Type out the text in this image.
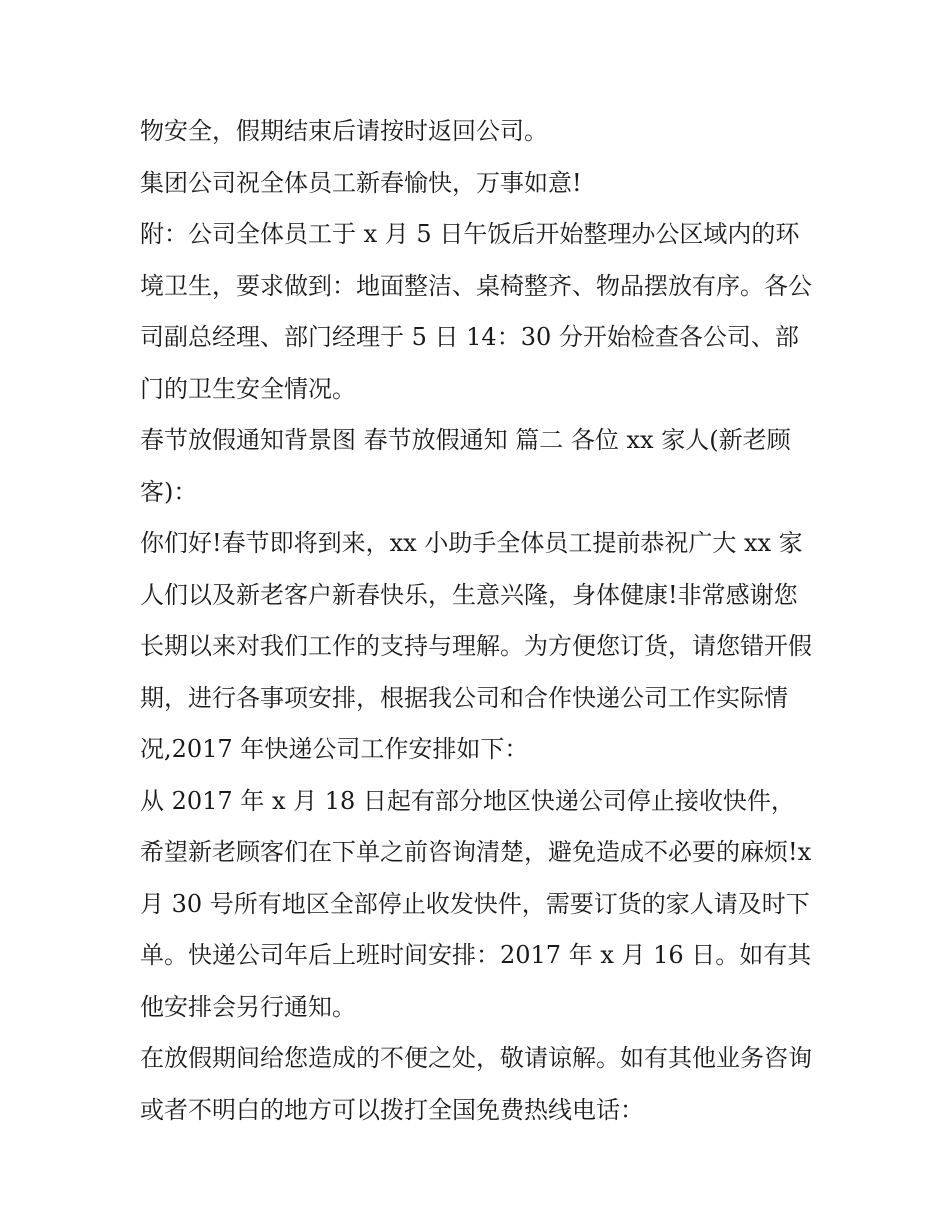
物安全，假期结束后请按时返回公司。

集团公司祝全体员工新春愉快，万事如意!

附：公司全体员工于 x 月 5 日午饭后开始整理办公区域内的环境卫生，要求做到：地面整洁、桌椅整齐、物品摆放有序。各公司副总经理、部门经理于 5 日 14：30 分开始检查各公司、部门的卫生安全情况。

春节放假通知背景图 春节放假通知 篇二 各位 xx 家人(新老顾客)：

你们好!春节即将到来，xx 小助手全体员工提前恭祝广大 xx 家人们以及新老客户新春快乐，生意兴隆，身体健康!非常感谢您长期以来对我们工作的支持与理解。为方便您订货，请您错开假期，进行各事项安排，根据我公司和合作快递公司工作实际情况,2017 年快递公司工作安排如下：

从 2017 年 x 月 18 日起有部分地区快递公司停止接收快件，希望新老顾客们在下单之前咨询清楚，避免造成不必要的麻烦!x 月 30 号所有地区全部停止收发快件，需要订货的家人请及时下单。快递公司年后上班时间安排：2017 年 x 月 16 日。如有其他安排会另行通知。

在放假期间给您造成的不便之处，敬请谅解。如有其他业务咨询或者不明白的地方可以拨打全国免费热线电话：
